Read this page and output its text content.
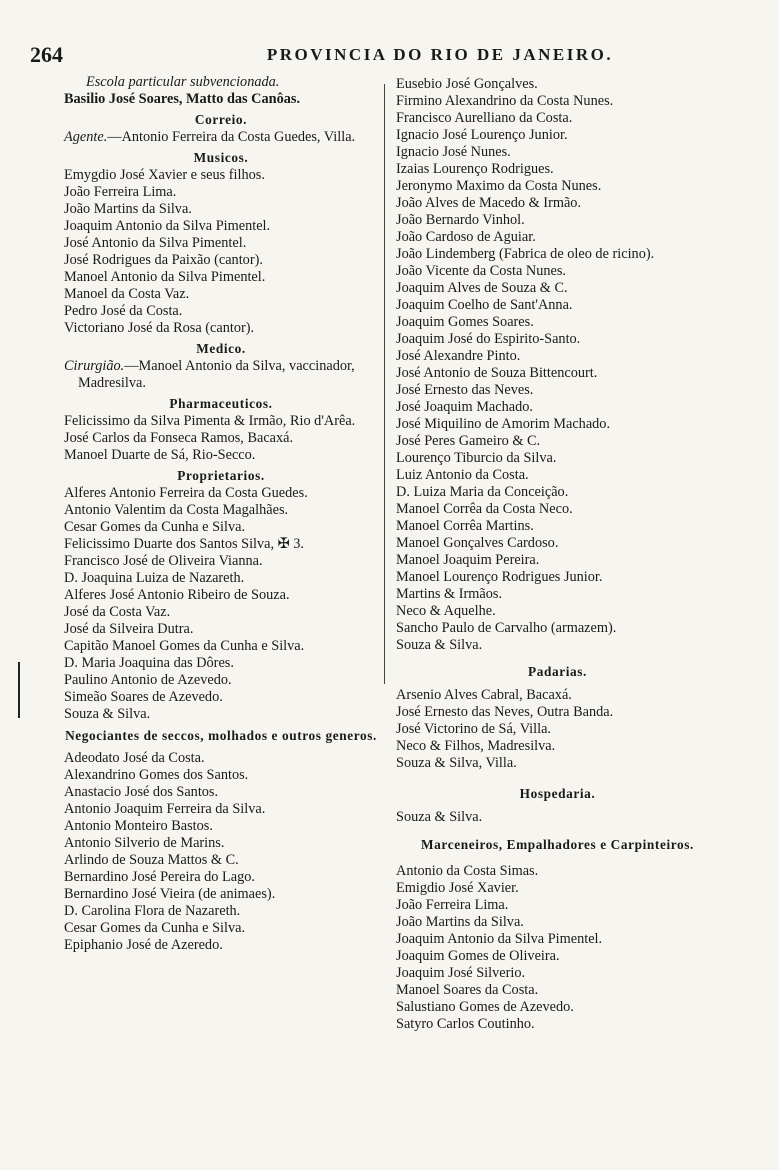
264	PROVINCIA DO RIO DE JANEIRO.
Escola particular subvencionada.
Basilio José Soares, Matto das Canôas.
Correio.
Agente.—Antonio Ferreira da Costa Guedes, Villa.
Musicos.
Emygdio José Xavier e seus filhos.
João Ferreira Lima.
João Martins da Silva.
Joaquim Antonio da Silva Pimentel.
José Antonio da Silva Pimentel.
José Rodrigues da Paixão (cantor).
Manoel Antonio da Silva Pimentel.
Manoel da Costa Vaz.
Pedro José da Costa.
Victoriano José da Rosa (cantor).
Medico.
Cirurgião.—Manoel Antonio da Silva, vaccinador, Madresilva.
Pharmaceuticos.
Felicissimo da Silva Pimenta & Irmão, Rio d'Arêa.
José Carlos da Fonseca Ramos, Bacaxá.
Manoel Duarte de Sá, Rio-Secco.
Proprietarios.
Alferes Antonio Ferreira da Costa Guedes.
Antonio Valentim da Costa Magalhães.
Cesar Gomes da Cunha e Silva.
Felicissimo Duarte dos Santos Silva, ✠ 3.
Francisco José de Oliveira Vianna.
D. Joaquina Luiza de Nazareth.
Alferes José Antonio Ribeiro de Souza.
José da Costa Vaz.
José da Silveira Dutra.
Capitão Manoel Gomes da Cunha e Silva.
D. Maria Joaquina das Dôres.
Paulino Antonio de Azevedo.
Simeão Soares de Azevedo.
Souza & Silva.
Negociantes de seccos, molhados e outros generos.
Adeodato José da Costa.
Alexandrino Gomes dos Santos.
Anastacio José dos Santos.
Antonio Joaquim Ferreira da Silva.
Antonio Monteiro Bastos.
Antonio Silverio de Marins.
Arlindo de Souza Mattos & C.
Bernardino José Pereira do Lago.
Bernardino José Vieira (de animaes).
D. Carolina Flora de Nazareth.
Cesar Gomes da Cunha e Silva.
Epiphanio José de Azeredo.
Eusebio José Gonçalves.
Firmino Alexandrino da Costa Nunes.
Francisco Aurelliano da Costa.
Ignacio José Lourenço Junior.
Ignacio José Nunes.
Izaias Lourenço Rodrigues.
Jeronymo Maximo da Costa Nunes.
João Alves de Macedo & Irmão.
João Bernardo Vinhol.
João Cardoso de Aguiar.
João Lindemberg (Fabrica de oleo de ricino).
João Vicente da Costa Nunes.
Joaquim Alves de Souza & C.
Joaquim Coelho de Sant'Anna.
Joaquim Gomes Soares.
Joaquim José do Espirito-Santo.
José Alexandre Pinto.
José Antonio de Souza Bittencourt.
José Ernesto das Neves.
José Joaquim Machado.
José Miquilino de Amorim Machado.
José Peres Gameiro & C.
Lourenço Tiburcio da Silva.
Luiz Antonio da Costa.
D. Luiza Maria da Conceição.
Manoel Corrêa da Costa Neco.
Manoel Corrêa Martins.
Manoel Gonçalves Cardoso.
Manoel Joaquim Pereira.
Manoel Lourenço Rodrigues Junior.
Martins & Irmãos.
Neco & Aquelhe.
Sancho Paulo de Carvalho (armazem).
Souza & Silva.
Padarias.
Arsenio Alves Cabral, Bacaxá.
José Ernesto das Neves, Outra Banda.
José Victorino de Sá, Villa.
Neco & Filhos, Madresilva.
Souza & Silva, Villa.
Hospedaria.
Souza & Silva.
Marceneiros, Empalhadores e Carpinteiros.
Antonio da Costa Simas.
Emigdio José Xavier.
João Ferreira Lima.
João Martins da Silva.
Joaquim Antonio da Silva Pimentel.
Joaquim Gomes de Oliveira.
Joaquim José Silverio.
Manoel Soares da Costa.
Salustiano Gomes de Azevedo.
Satyro Carlos Coutinho.
